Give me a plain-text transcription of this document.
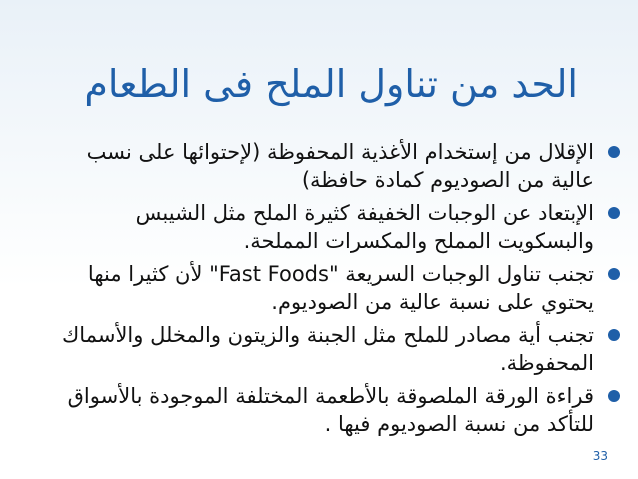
الحد من تناول الملح فى الطعام
الإقلال من إستخدام الأغذية المحفوظة (لإحتوائها على نسب
عالية من الصوديوم كمادة حافظة)
الإبتعاد عن الوجبات الخفيفة كثيرة الملح مثل الشيبس
والبسكويت المملح والمكسرات المملحة.
تجنب تناول الوجبات السريعة "Fast Foods" لأن كثيرا منها
يحتوي على نسبة عالية من الصوديوم.
تجنب أية مصادر للملح مثل الجبنة والزيتون والمخلل والأسماك
المحفوظة.
قراءة الورقة الملصوقة بالأطعمة المختلفة الموجودة بالأسواق
للتأكد من نسبة الصوديوم فيها .
33
